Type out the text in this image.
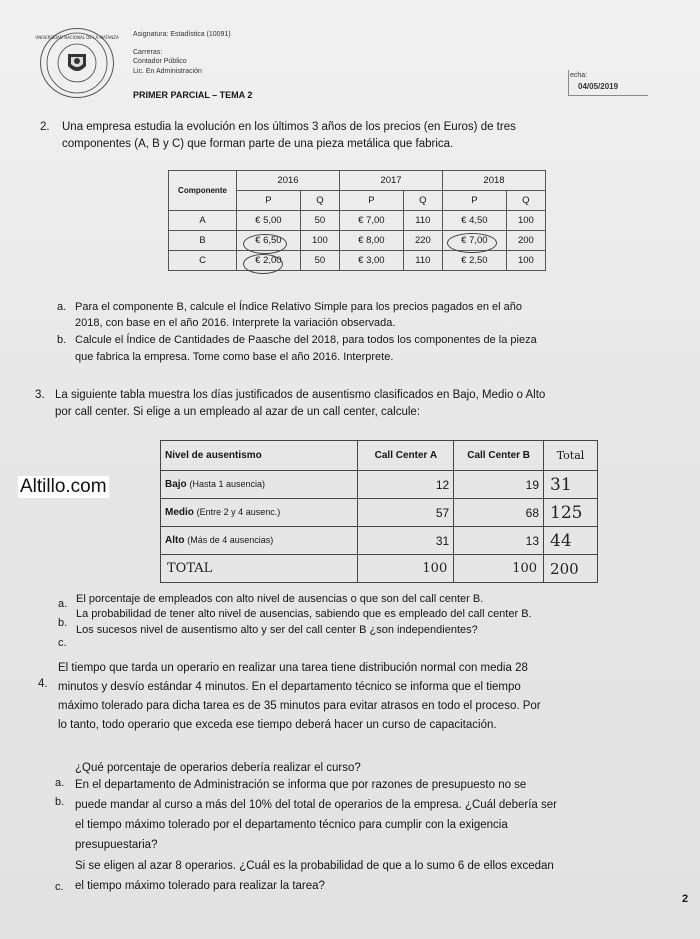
UNIVERSIDAD NACIONAL DE LA MATANZA Asignatura: Estadística (10091)
Carreras:
Contador Público
Lic. En Administración
echa:
04/05/2019
PRIMER PARCIAL – TEMA 2
2. Una empresa estudia la evolución en los últimos 3 años de los precios (en Euros) de tres
componentes (A, B y C) que forman parte de una pieza metálica que fabrica.
Componente	2016		2017		2018	
	P	Q	P	Q	P	Q
A	€ 5,00	50	€ 7,00	110	€ 4,50	100
B	€ 6,50	100	€ 8,00	220	€ 7,00	200
C	€ 2,00	50	€ 3,00	110	€ 2,50	100
a. Para el componente B, calcule el Índice Relativo Simple para los precios pagados en el año
2018, con base en el año 2016. Interprete la variación observada.
b. Calcule el Índice de Cantidades de Paasche del 2018, para todos los componentes de la pieza
que fabrica la empresa. Tome como base el año 2016. Interprete.
3. La siguiente tabla muestra los días justificados de ausentismo clasificados en Bajo, Medio o Alto
por call center. Si elige a un empleado al azar de un call center, calcule:
Nivel de ausentismo	Call Center A	Call Center B	Total
Bajo (Hasta 1 ausencia)	12	19	31
Medio (Entre 2 y 4 ausenc.)	57	68	125
Alto (Más de 4 ausencias)	31	13	44
TOTAL	100	100	200
Altillo.com
a. El porcentaje de empleados con alto nivel de ausencias o que son del call center B.
b.
La probabilidad de tener alto nivel de ausencias, sabiendo que es empleado del call center B.
c.
Los sucesos nivel de ausentismo alto y ser del call center B ¿son independientes?
4.
El tiempo que tarda un operario en realizar una tarea tiene distribución normal con media 28
minutos y desvío estándar 4 minutos. En el departamento técnico se informa que el tiempo
máximo tolerado para dicha tarea es de 35 minutos para evitar atrasos en todo el proceso. Por
lo tanto, todo operario que exceda ese tiempo deberá hacer un curso de capacitación.
a.
¿Qué porcentaje de operarios debería realizar el curso?
b.
En el departamento de Administración se informa que por razones de presupuesto no se
puede mandar al curso a más del 10% del total de operarios de la empresa. ¿Cuál debería ser
el tiempo máximo tolerado por el departamento técnico para cumplir con la exigencia
presupuestaria?
c.
Si se eligen al azar 8 operarios. ¿Cuál es la probabilidad de que a lo sumo 6 de ellos excedan
el tiempo máximo tolerado para realizar la tarea?
2
